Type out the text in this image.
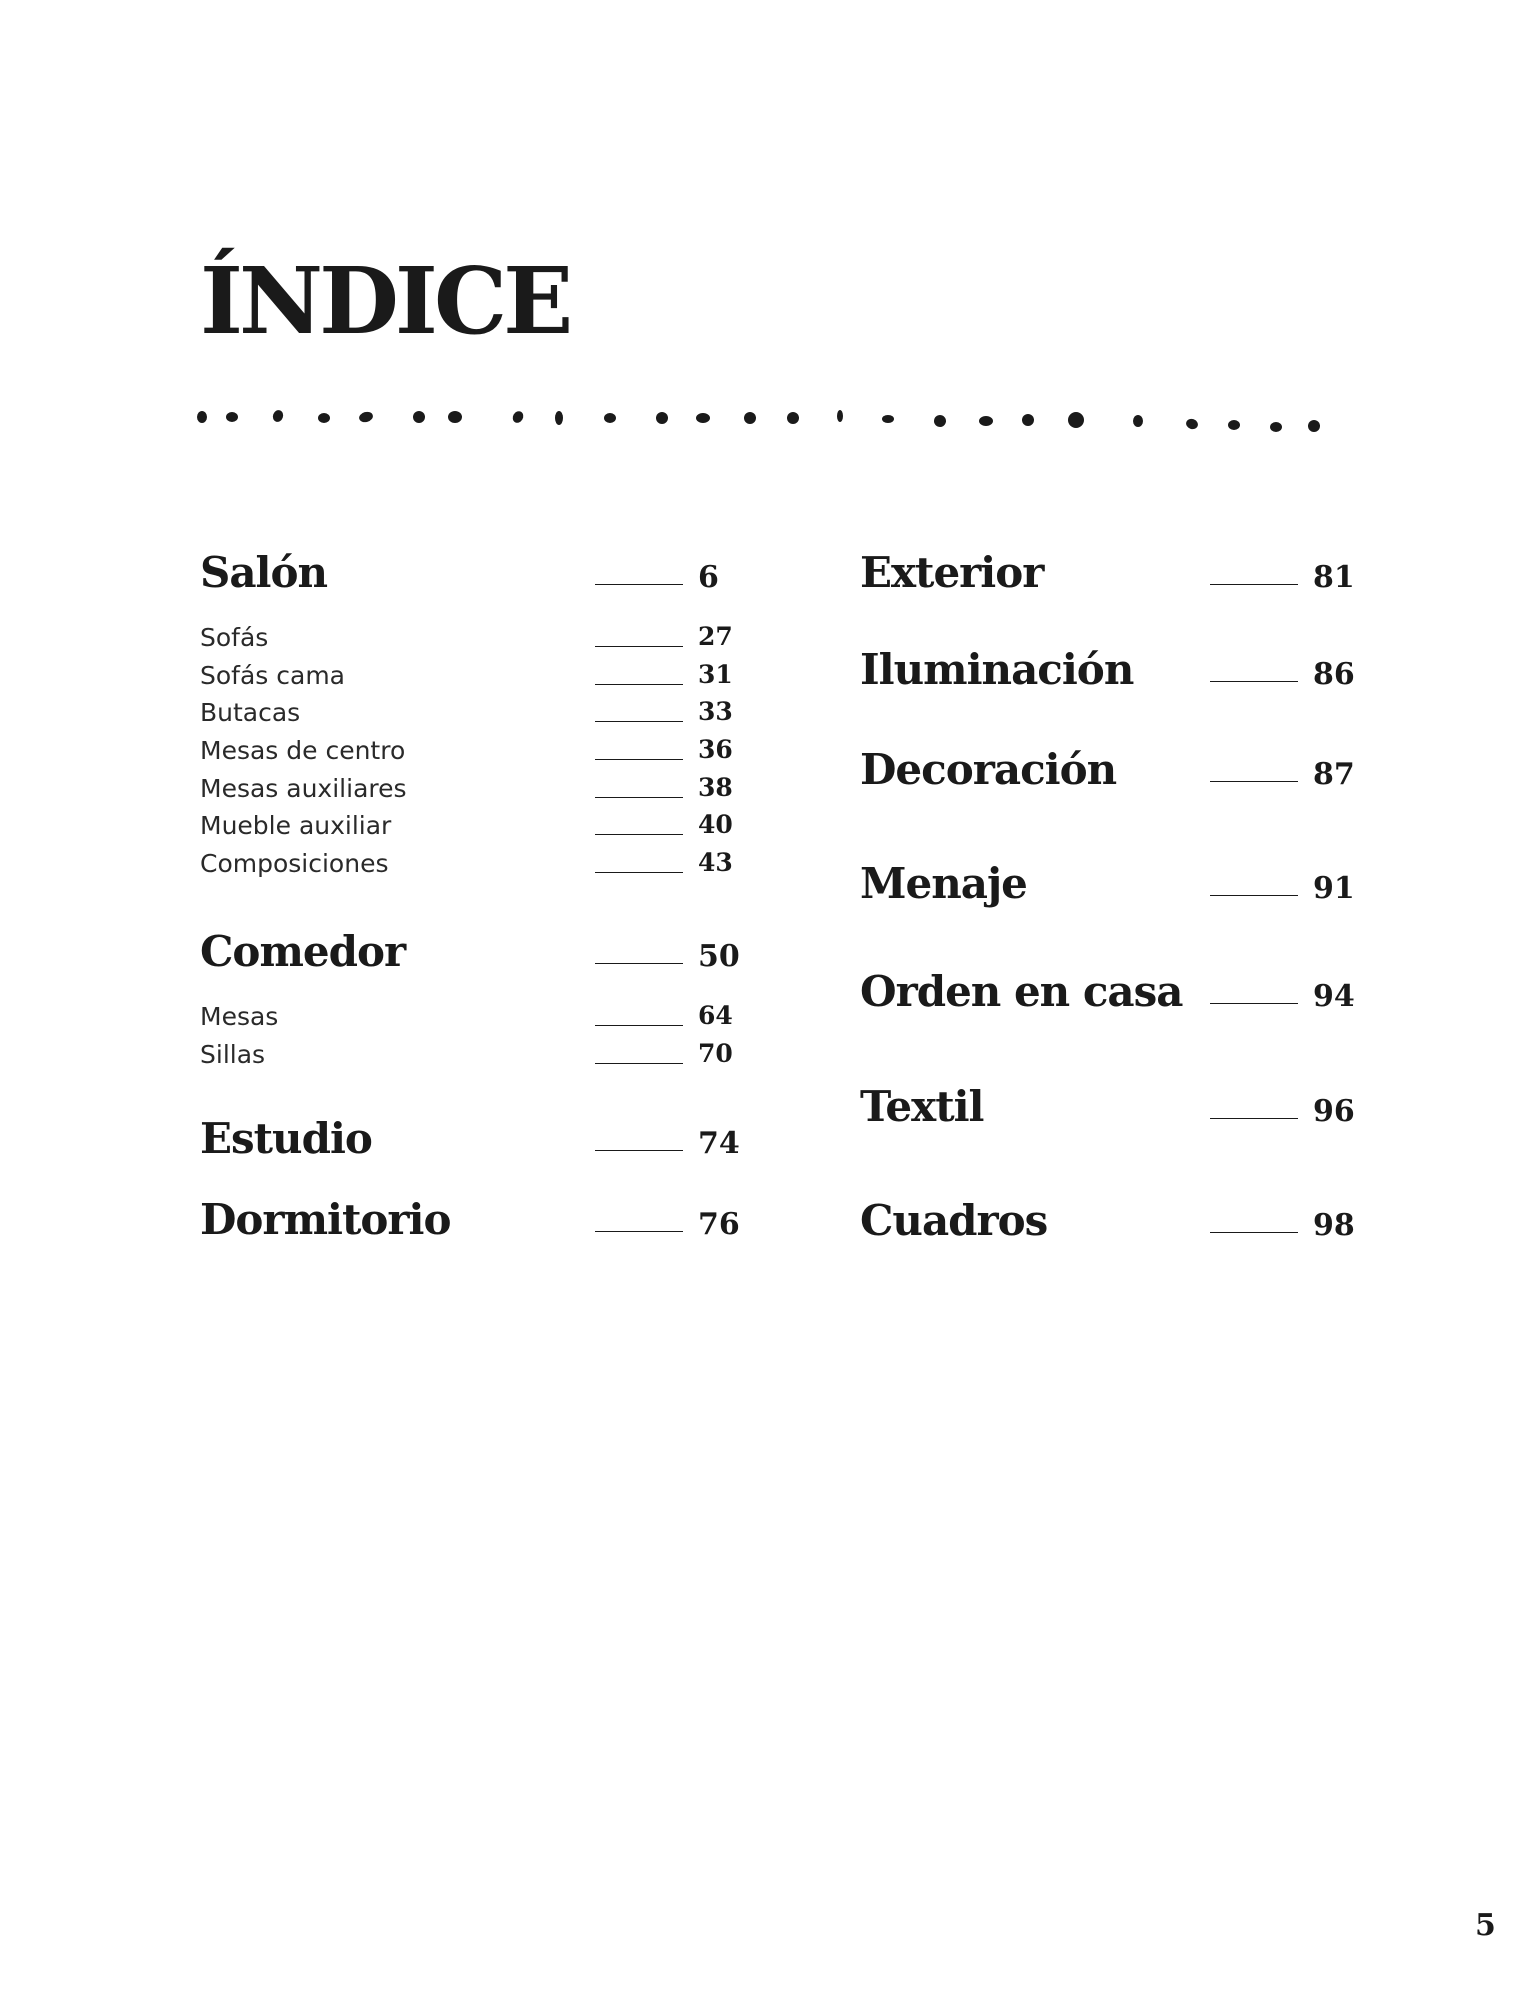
ÍNDICE
Salón	6
Sofás	27
Sofás cama	31
Butacas	33
Mesas de centro	36
Mesas auxiliares	38
Mueble auxiliar	40
Composiciones	43
Comedor	50
Mesas	64
Sillas	70
Estudio	74
Dormitorio	76
Exterior	81
Iluminación	86
Decoración	87
Menaje	91
Orden en casa	94
Textil	96
Cuadros	98
5
